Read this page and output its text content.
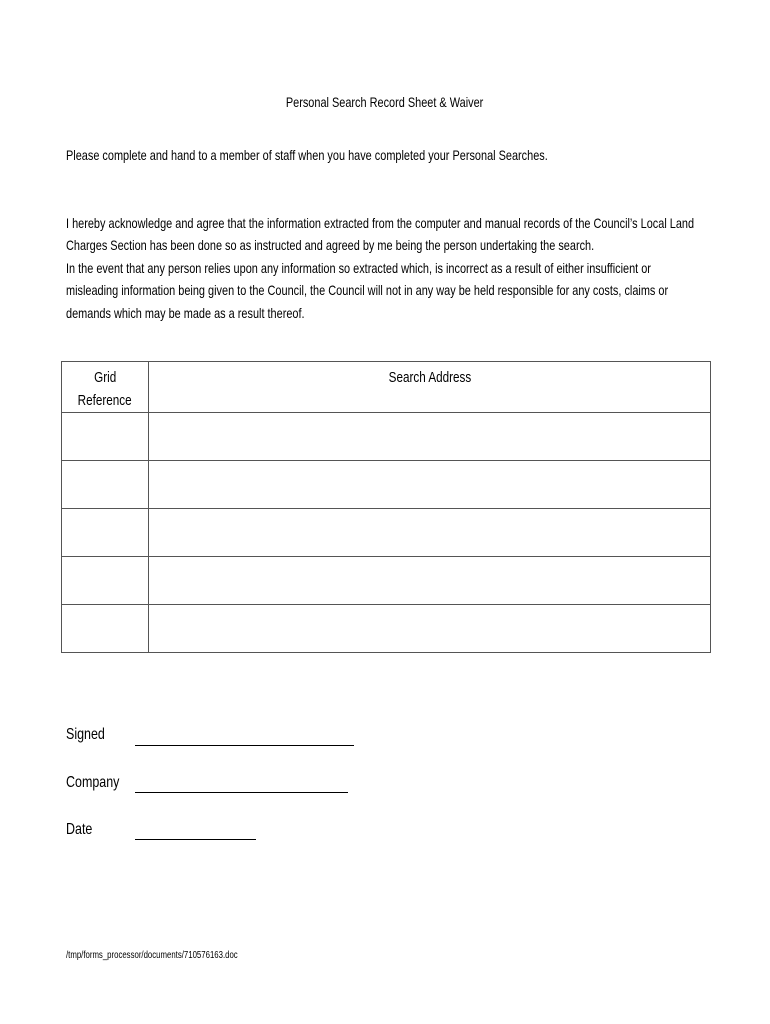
Personal Search Record Sheet & Waiver
Please complete and hand to a member of staff when you have completed your Personal Searches.
I hereby acknowledge and agree that the information extracted from the computer and manual records of the Council’s Local Land
Charges Section has been done so as instructed and agreed by me being the person undertaking the search.
In the event that any person relies upon any information so extracted which, is incorrect as a result of either insufficient or
misleading information being given to the Council, the Council will not in any way be held responsible for any costs, claims or
demands which may be made as a result thereof.
Grid
Reference	Search Address

Signed
Company
Date
/tmp/forms_processor/documents/710576163.doc
